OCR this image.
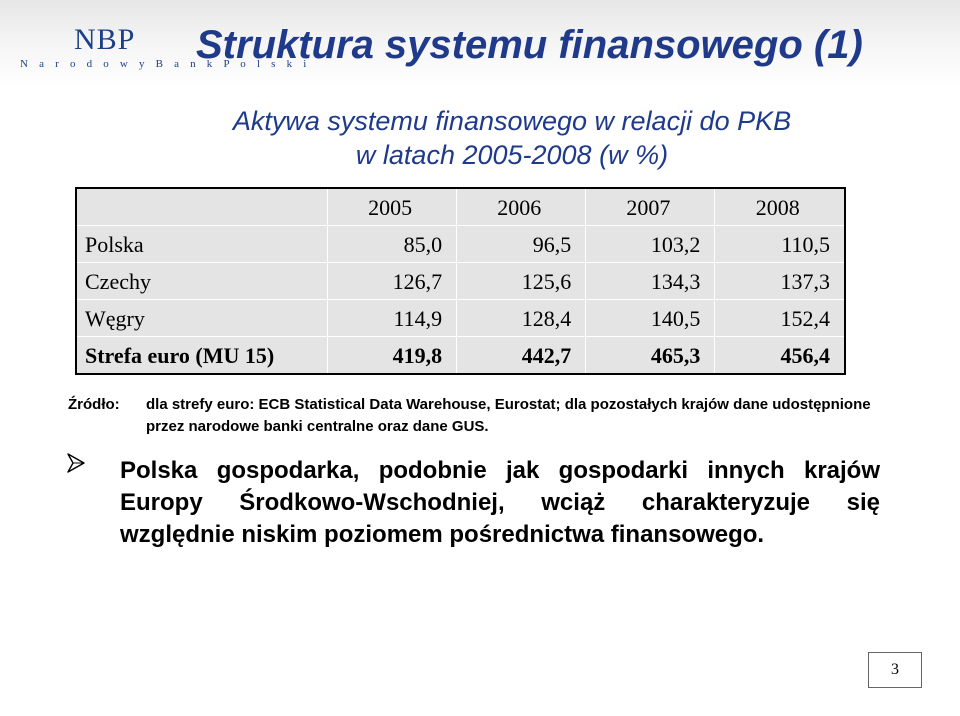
NBP
N a r o d o w y B a n k P o l s k i
Struktura systemu finansowego (1)
Aktywa systemu finansowego w relacji do PKB
w latach 2005-2008 (w %)
	2005	2006	2007	2008
Polska	85,0	96,5	103,2	110,5
Czechy	126,7	125,6	134,3	137,3
Węgry	114,9	128,4	140,5	152,4
Strefa euro (MU 15)	419,8	442,7	465,3	456,4
Źródło: dla strefy euro: ECB Statistical Data Warehouse, Eurostat; dla pozostałych krajów dane udostępnione przez narodowe banki centralne oraz dane GUS.
Polska gospodarka, podobnie jak gospodarki innych krajów Europy Środkowo-Wschodniej, wciąż charakteryzuje się względnie niskim poziomem pośrednictwa finansowego.
3
